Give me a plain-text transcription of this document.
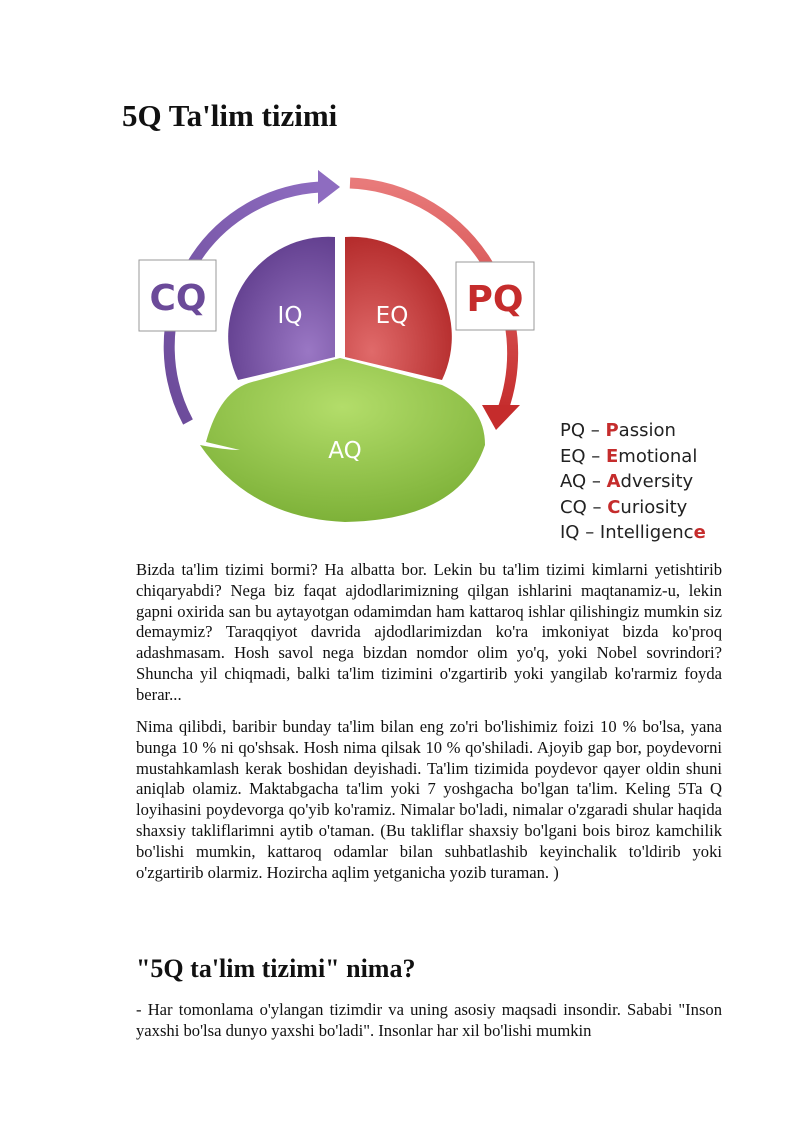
5Q Ta'lim tizimi
IQ	EQ
AQ
CQ	PQ
PQ – Passion
EQ – Emotional
AQ – Adversity
CQ – Curiosity
IQ – Intelligence

Bizda ta'lim tizimi bormi? Ha albatta bor. Lekin bu ta'lim tizimi kimlarni yetishtirib chiqaryabdi? Nega biz faqat ajdodlarimizning qilgan ishlarini maqtanamiz-u, lekin gapni oxirida san bu aytayotgan odamimdan ham kattaroq ishlar qilishingiz mumkin siz demaymiz? Taraqqiyot davrida ajdodlarimizdan ko'ra imkoniyat bizda ko'proq adashmasam. Hosh savol nega bizdan nomdor olim yo'q, yoki Nobel sovrindori? Shuncha yil chiqmadi, balki ta'lim tizimini o'zgartirib yoki yangilab ko'rarmiz foyda berar...

Nima qilibdi, baribir bunday ta'lim bilan eng zo'ri bo'lishimiz foizi 10 % bo'lsa, yana bunga 10 % ni qo'shsak. Hosh nima qilsak 10 % qo'shiladi. Ajoyib gap bor, poydevorni mustahkamlash kerak boshidan deyishadi. Ta'lim tizimida poydevor qayer oldin shuni aniqlab olamiz. Maktabgacha ta'lim yoki 7 yoshgacha bo'lgan ta'lim. Keling 5Ta Q loyihasini poydevorga qo'yib ko'ramiz. Nimalar bo'ladi, nimalar o'zgaradi shular haqida shaxsiy takliflarimni aytib o'taman. (Bu takliflar shaxsiy bo'lgani bois biroz kamchilik bo'lishi mumkin, kattaroq odamlar bilan suhbatlashib keyinchalik to'ldirib yoki o'zgartirib olarmiz. Hozircha aqlim yetganicha yozib turaman. )

"5Q ta'lim tizimi" nima?

- Har tomonlama o'ylangan tizimdir va uning asosiy maqsadi insondir. Sababi "Inson yaxshi bo'lsa dunyo yaxshi bo'ladi". Insonlar har xil bo'lishi mumkin
